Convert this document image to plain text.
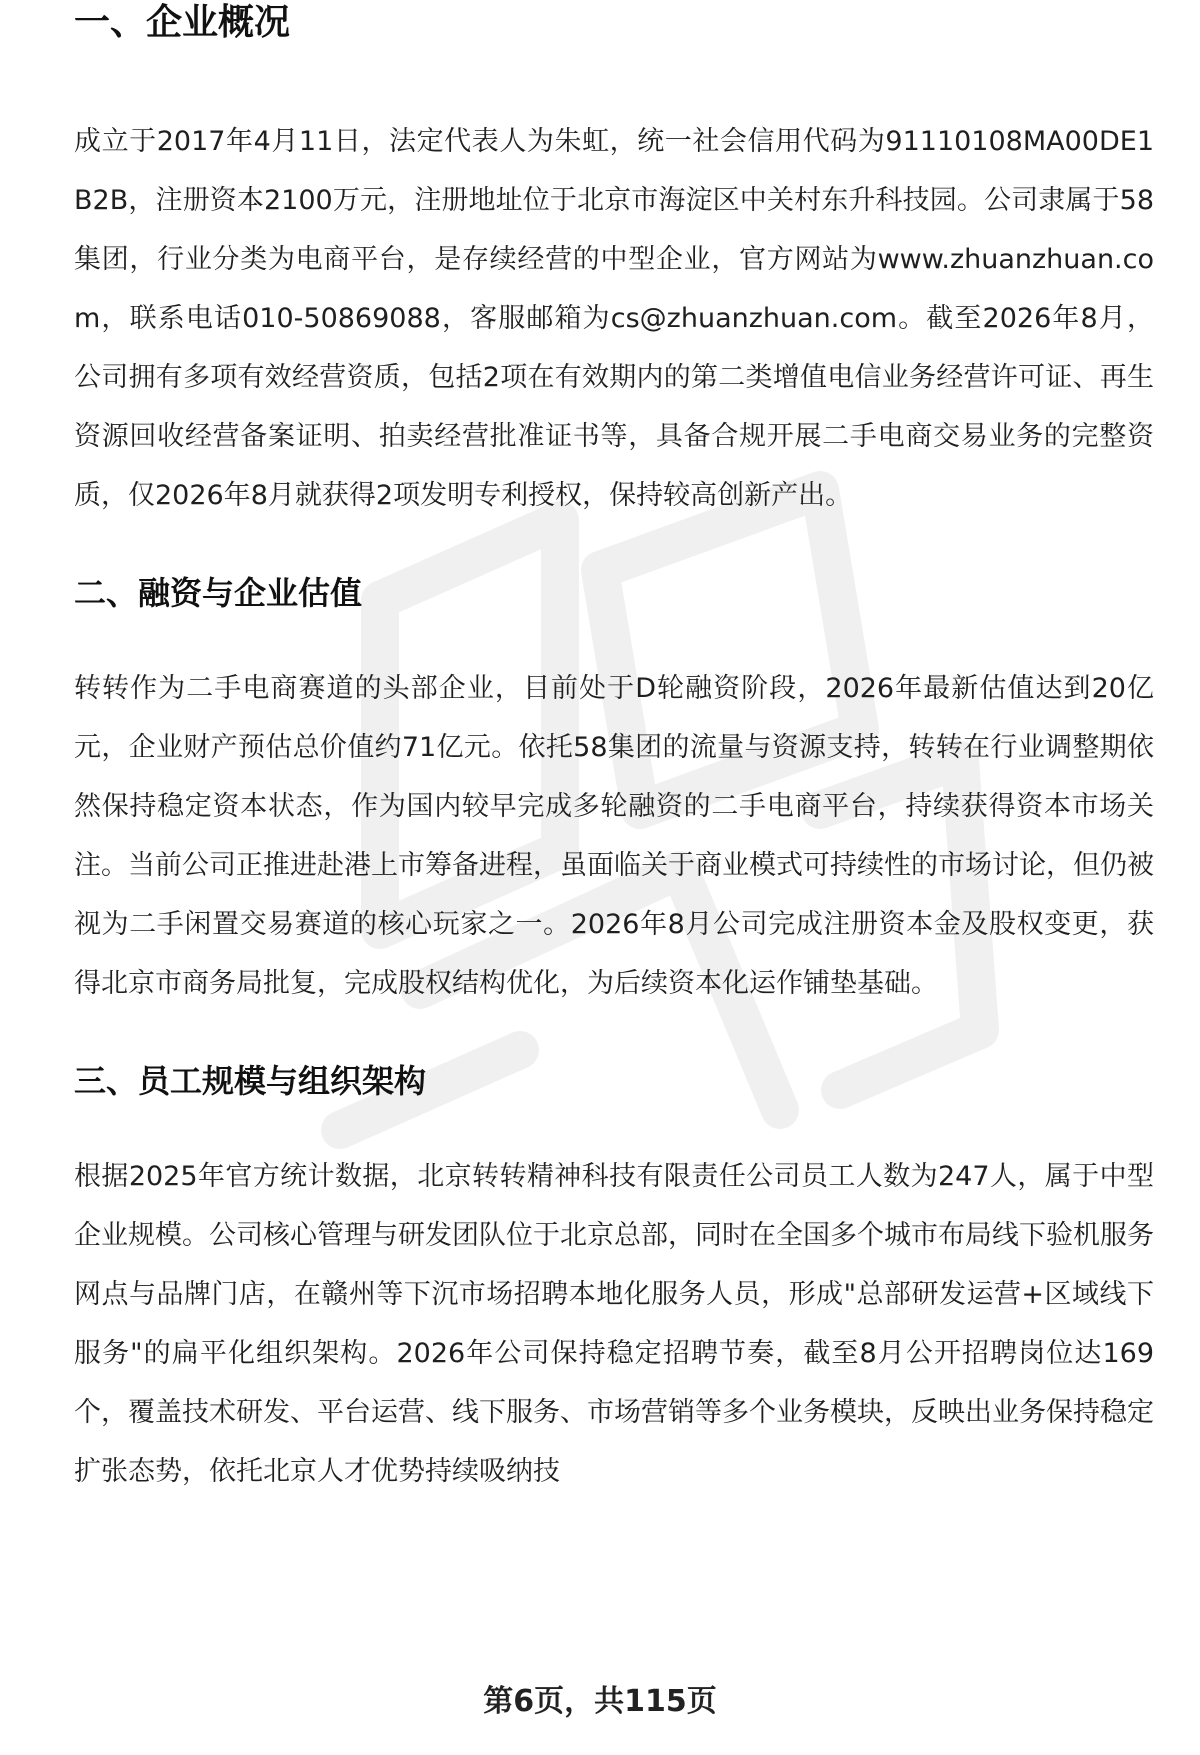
一、企业概况

成立于2017年4月11日，法定代表人为朱虹，统一社会信用代码为91110108MA00DE1B2B，注册资本2100万元，注册地址位于北京市海淀区中关村东升科技园。公司隶属于58集团，行业分类为电商平台，是存续经营的中型企业，官方网站为www.zhuanzhuan.com，联系电话010-50869088，客服邮箱为cs@zhuanzhuan.com。截至2026年8月，公司拥有多项有效经营资质，包括2项在有效期内的第二类增值电信业务经营许可证、再生资源回收经营备案证明、拍卖经营批准证书等，具备合规开展二手电商交易业务的完整资质，仅2026年8月就获得2项发明专利授权，保持较高创新产出。

二、融资与企业估值

转转作为二手电商赛道的头部企业，目前处于D轮融资阶段，2026年最新估值达到20亿元，企业财产预估总价值约71亿元。依托58集团的流量与资源支持，转转在行业调整期依然保持稳定资本状态，作为国内较早完成多轮融资的二手电商平台，持续获得资本市场关注。当前公司正推进赴港上市筹备进程，虽面临关于商业模式可持续性的市场讨论，但仍被视为二手闲置交易赛道的核心玩家之一。2026年8月公司完成注册资本金及股权变更，获得北京市商务局批复，完成股权结构优化，为后续资本化运作铺垫基础。

三、员工规模与组织架构

根据2025年官方统计数据，北京转转精神科技有限责任公司员工人数为247人，属于中型企业规模。公司核心管理与研发团队位于北京总部，同时在全国多个城市布局线下验机服务网点与品牌门店，在赣州等下沉市场招聘本地化服务人员，形成"总部研发运营+区域线下服务"的扁平化组织架构。2026年公司保持稳定招聘节奏，截至8月公开招聘岗位达169个，覆盖技术研发、平台运营、线下服务、市场营销等多个业务模块，反映出业务保持稳定扩张态势，依托北京人才优势持续吸纳技

第6页，共115页
